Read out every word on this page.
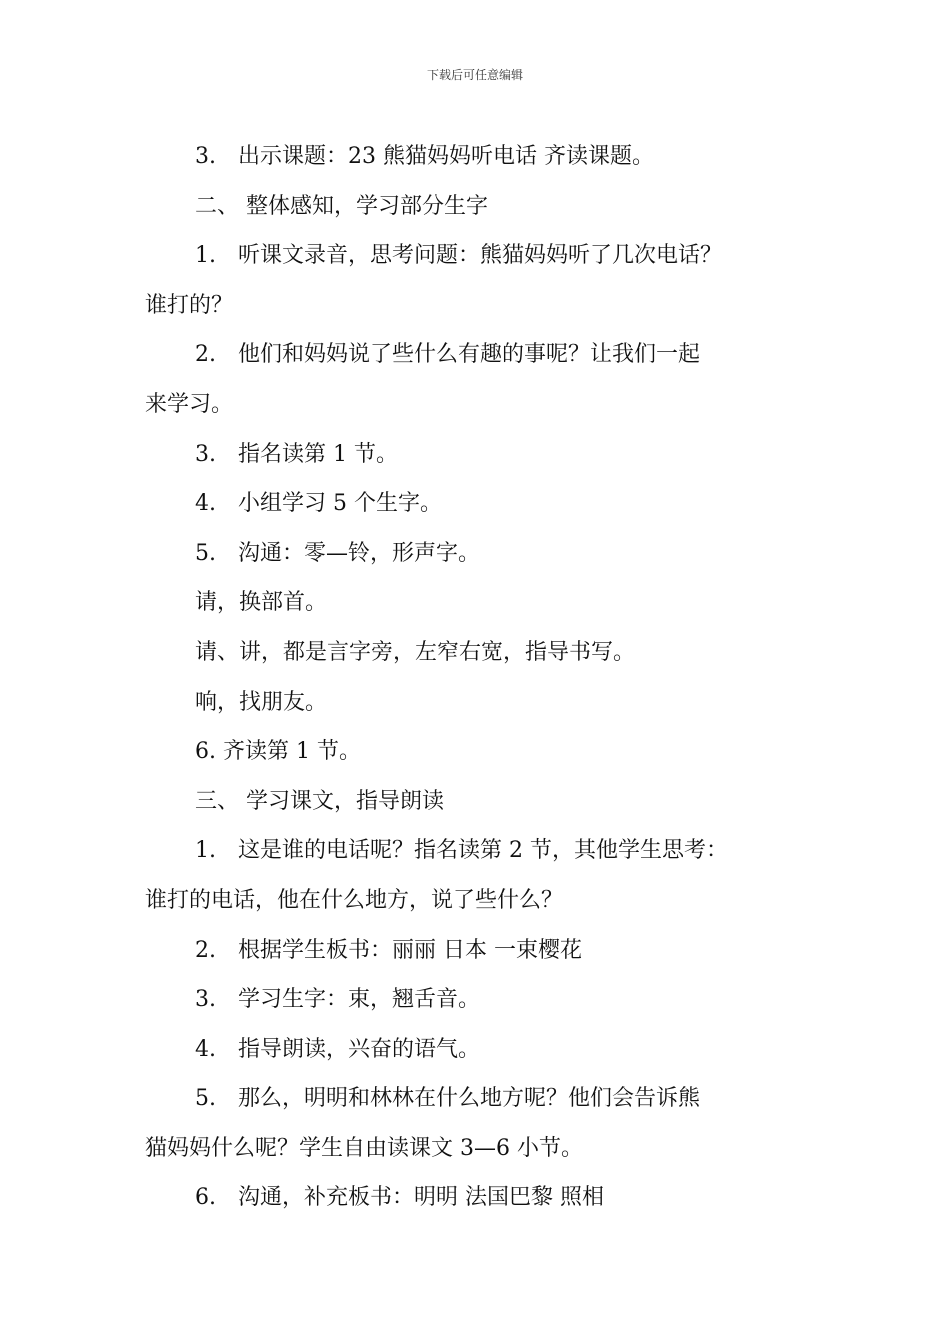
下载后可任意编辑
3.　出示课题：23 熊猫妈妈听电话 齐读课题。
二、 整体感知，学习部分生字
1.　听课文录音，思考问题：熊猫妈妈听了几次电话？
谁打的？
2.　他们和妈妈说了些什么有趣的事呢？让我们一起
来学习。
3.　指名读第 1 节。
4.　小组学习 5 个生字。
5.　沟通：零—铃，形声字。
请，换部首。
请、讲，都是言字旁，左窄右宽，指导书写。
响，找朋友。
6. 齐读第 1 节。
三、 学习课文，指导朗读
1.　这是谁的电话呢？指名读第 2 节，其他学生思考：
谁打的电话，他在什么地方，说了些什么？
2.　根据学生板书：丽丽 日本 一束樱花
3.　学习生字：束，翘舌音。
4.　指导朗读，兴奋的语气。
5.　那么，明明和林林在什么地方呢？他们会告诉熊
猫妈妈什么呢？学生自由读课文 3—6 小节。
6.　沟通，补充板书：明明 法国巴黎 照相
